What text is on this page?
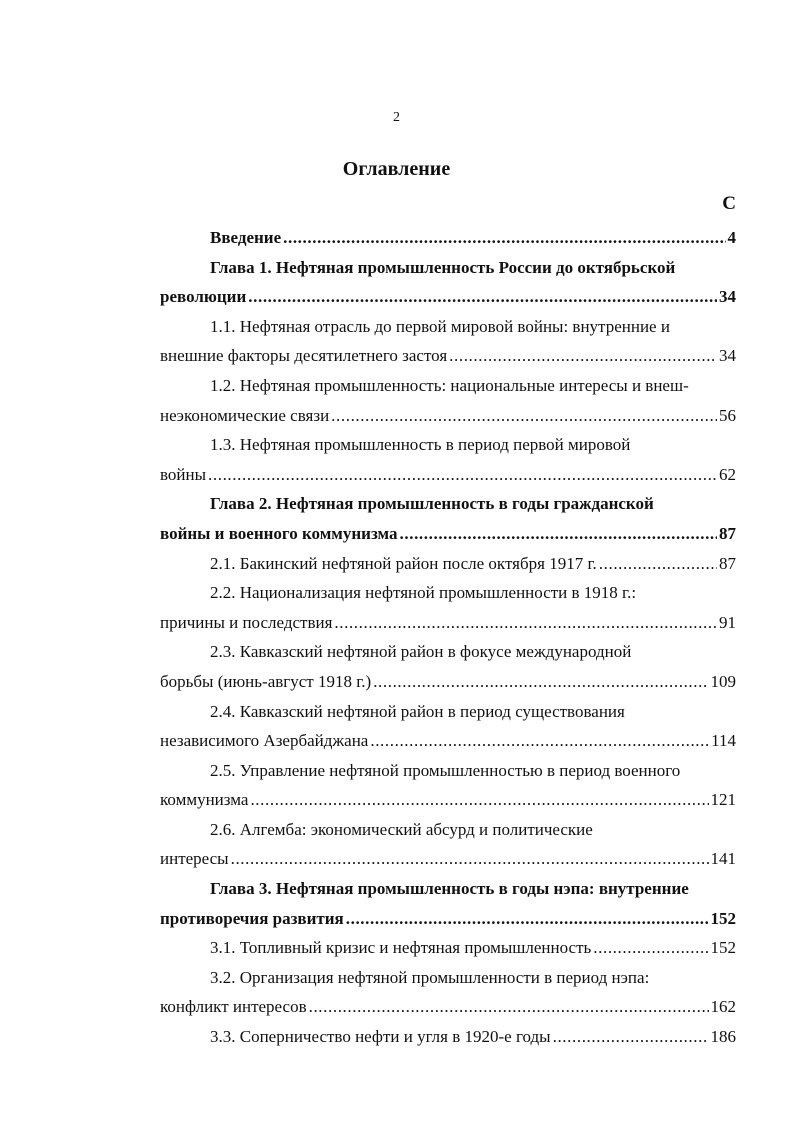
2
Оглавление
С
Введение .....	4
Глава 1. Нефтяная промышленность России до октябрьской
революции .....	34
1.1. Нефтяная отрасль до первой мировой войны: внутренние и
внешние факторы десятилетнего застоя .....	34
1.2. Нефтяная промышленность: национальные интересы и внеш-
неэкономические связи .....	56
1.3. Нефтяная промышленность в период первой мировой
войны .....	62
Глава 2. Нефтяная промышленность в годы гражданской
войны и военного коммунизма .....	87
2.1. Бакинский нефтяной район после октября 1917 г. .....	87
2.2. Национализация нефтяной промышленности в 1918 г.:
причины и последствия .....	91
2.3. Кавказский нефтяной район в фокусе международной
борьбы (июнь-август 1918 г.) .....	109
2.4. Кавказский нефтяной район в период существования
независимого Азербайджана .....	114
2.5. Управление нефтяной промышленностью в период военного
коммунизма .....	121
2.6. Алгемба: экономический абсурд и политические
интересы .....	141
Глава 3. Нефтяная промышленность в годы нэпа: внутренние
противоречия развития .....	152
3.1. Топливный кризис и нефтяная промышленность .....	152
3.2. Организация нефтяной промышленности в период нэпа:
конфликт интересов .....	162
3.3. Соперничество нефти и угля в 1920-е годы .....	186
